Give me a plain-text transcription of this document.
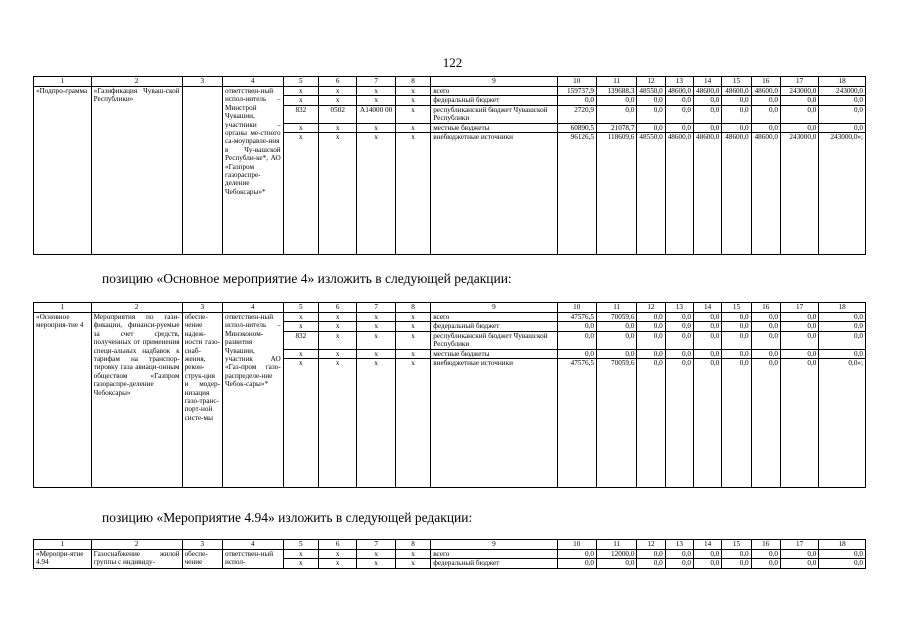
122
1	2	3	4	5	6	7	8	9	10	11	12	13	14	15	16	17	18
«Подпро-грамма	«Газификация Чуваш-ской Республики»		ответствен-ный испол-нитель – Минстрой Чувашии, участники – органы ме-стного са-моуправле-ния в Чу-вашской Республи-ке*, АО «Газпром газораспре-деление Чебоксары»*	x	x	x	x	всего	159737,9	139688,3	48550,0	48600,0	48600,0	48600,0	48600,0	243000,0	243000,0
				x	x	x	x	федеральный бюджет	0,0	0,0	0,0	0,0	0,0	0,0	0,0	0,0	0,0
				832	0502	А14000 00	x	республиканский бюджет Чувашской Республики	2720,9	0,0	0,0	0,0	0,0	0,0	0,0	0,0	0,0
				x	x	x	x	местные бюджеты	60890,5	21078,7	0,0	0,0	0,0	0,0	0,0	0,0	0,0
				x	x	x	x	внебюджетные источники	96126,5	118609,6	48550,0	48600,0	48600,0	48600,0	48600,0	243000,0	243000,0»;
позицию «Основное мероприятие 4» изложить в следующей редакции:
1	2	3	4	5	6	7	8	9	10	11	12	13	14	15	16	17	18
«Основное мероприя-тие 4	Мероприятия по гази-фикации, финанси-руемые за счет средств, полученных от применения специ-альных надбавок к тарифам на транспор-тировку газа авиаци-онным обществом «Газпром газораспре-деление Чебоксары»	обеспе-чение надеж-ности газо-снаб-жения, рекон-струк-ция и модер-низация газо-транс-порт-ной систе-мы	ответствен-ный испол-нитель – Минэконом-развития Чувашии, участник АО «Газ-пром газо-распределе-ние Чебок-сары»*	x	x	x	x	всего	47576,5	70059,6	0,0	0,0	0,0	0,0	0,0	0,0	0,0
				x	x	x	x	федеральный бюджет	0,0	0,0	0,0	0,0	0,0	0,0	0,0	0,0	0,0
				832	x	x	x	республиканский бюджет Чувашской Республики	0,0	0,0	0,0	0,0	0,0	0,0	0,0	0,0	0,0
				x	x	x	x	местные бюджеты	0,0	0,0	0,0	0,0	0,0	0,0	0,0	0,0	0,0
				x	x	x	x	внебюджетные источники	47576,5	70059,6	0,0	0,0	0,0	0,0	0,0	0,0	0,0»;
позицию «Мероприятие 4.94» изложить в следующей редакции:
1	2	3	4	5	6	7	8	9	10	11	12	13	14	15	16	17	18
«Меропри-ятие 4.94	Газоснабжение жилой группы с индивиду-	обеспе-чение	ответствен-ный испол-	x	x	x	x	всего	0,0	12000,0	0,0	0,0	0,0	0,0	0,0	0,0	0,0
				x	x	x	x	федеральный бюджет	0,0	0,0	0,0	0,0	0,0	0,0	0,0	0,0	0,0
